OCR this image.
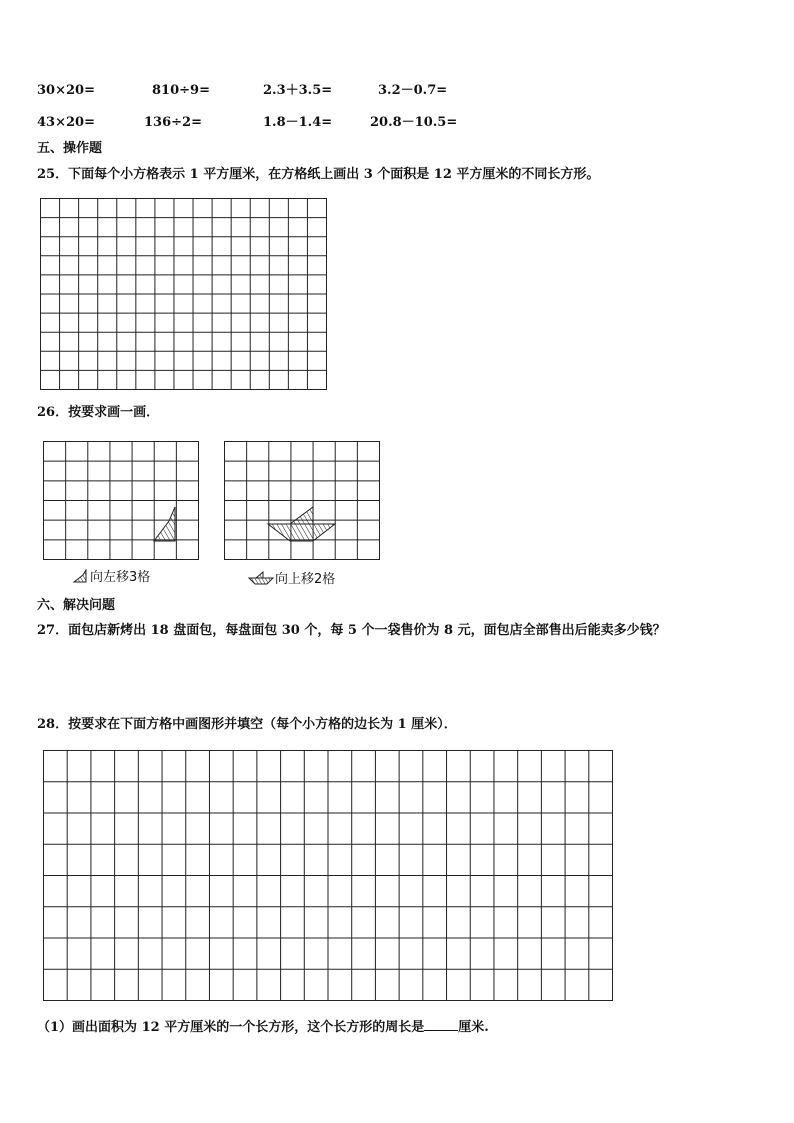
30×20=	810÷9=	2.3＋3.5=	3.2－0.7=
43×20=	136÷2=	1.8－1.4=	20.8－10.5=
五、操作题
25．下面每个小方格表示 1 平方厘米，在方格纸上画出 3 个面积是 12 平方厘米的不同长方形。
26．按要求画一画．
向左移3格	向上移2格
六、解决问题
27．面包店新烤出 18 盘面包，每盘面包 30 个，每 5 个一袋售价为 8 元，面包店全部售出后能卖多少钱？
28．按要求在下面方格中画图形并填空（每个小方格的边长为 1 厘米）．
（1）画出面积为 12 平方厘米的一个长方形，这个长方形的周长是	厘米.
